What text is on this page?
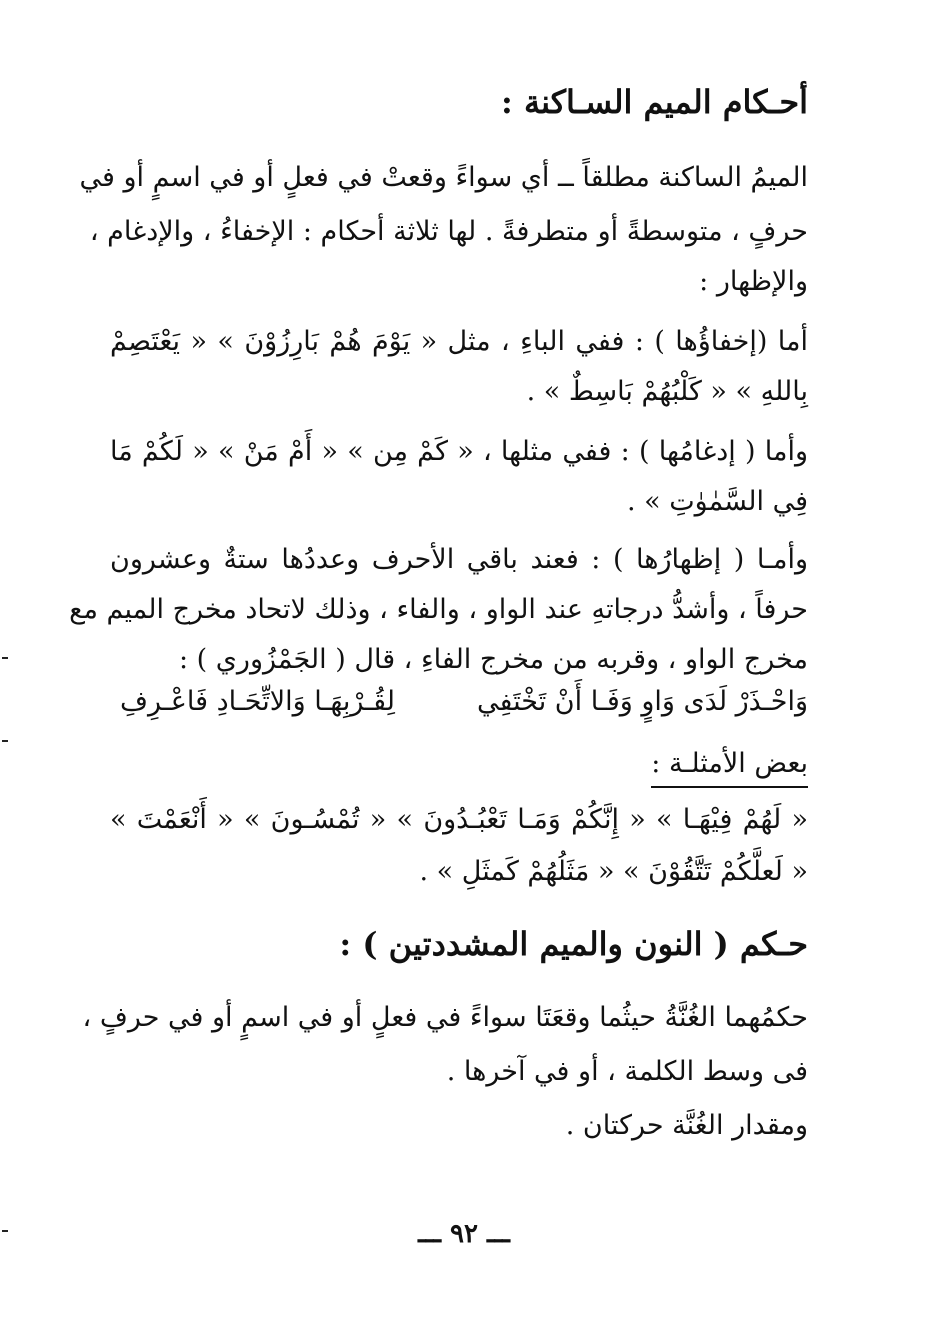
أحـكام الميم السـاكنة :
الميمُ الساكنة مطلقاً ــ أي سواءً وقعتْ في فعلٍ أو في اسمٍ أو في
حرفٍ ، متوسطةً أو متطرفةً . لها ثلاثة أحكام : الإخفاءُ ، والإدغام ،
والإظهار :
أما (إخفاؤُها ) : ففي الباءِ ، مثل « يَوْمَ هُمْ بَارِزُوْنَ » « يَعْتَصِمْ
بِاللهِ » « كَلْبُهُمْ بَاسِطٌ » .
وأما ( إدغامُها ) : ففي مثلها ، « كَمْ مِن » « أَمْ مَنْ » « لَكُمْ مَا
فِي السَّمٰوٰتِ » .
وأمـا ( إظهارُها ) : فعند باقي الأحرف وعددُها ستةٌ وعشرون
حرفاً ، وأشدُّ درجاتهِ عند الواو ، والفاء ، وذلك لاتحاد مخرج الميم مع
مخرج الواو ، وقربه من مخرج الفاءِ ، قال ( الجَمْزُوري ) :
وَاحْـذَرْ لَدَى وَاوٍ وَفَـا أَنْ تَخْتَفِي
لِقُـرْبِهَـا وَالاتِّحَـادِ فَاعْـرِفِ
بعض الأمثلـة :
« لَهُمْ فِيْهَـا » « إِنَّكُمْ وَمَـا تَعْبُـدُونَ » « تُمْسُـونَ » « أَنْعَمْتَ »
« لَعلَّكُمْ تَتَّقُوْنَ » « مَثَلُهُمْ كَمثَلِ » .
حـكم ( النون والميم المشددتين ) :
حكمُهما الغُنَّةُ حيثُما وقعَتَا سواءً في فعلٍ أو في اسمٍ أو في حرفٍ ،
فى وسط الكلمة ، أو في آخرها .
ومقدار الغُنَّة حركتان .
ـــ ٩٢ ـــ
